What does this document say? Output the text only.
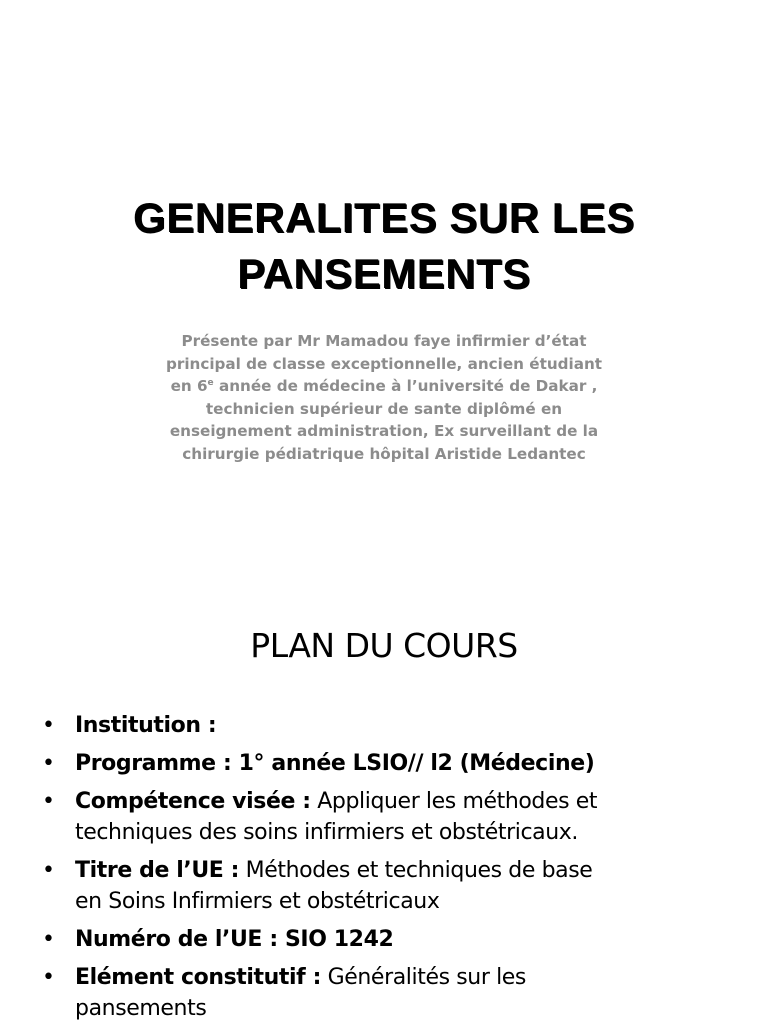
GENERALITES SUR LES
PANSEMENTS
Présente par Mr Mamadou faye infirmier d’état
principal de classe exceptionnelle, ancien étudiant
en 6e année de médecine à l’université de Dakar ,
technicien supérieur de sante diplômé en
enseignement administration, Ex surveillant de la
chirurgie pédiatrique hôpital Aristide Ledantec
PLAN DU COURS
• Institution :
• Programme : 1° année LSIO// l2 (Médecine)
• Compétence visée : Appliquer les méthodes et
techniques des soins infirmiers et obstétricaux.
• Titre de l’UE : Méthodes et techniques de base
en Soins Infirmiers et obstétricaux
• Numéro de l’UE : SIO 1242
• Elément constitutif : Généralités sur les
pansements
